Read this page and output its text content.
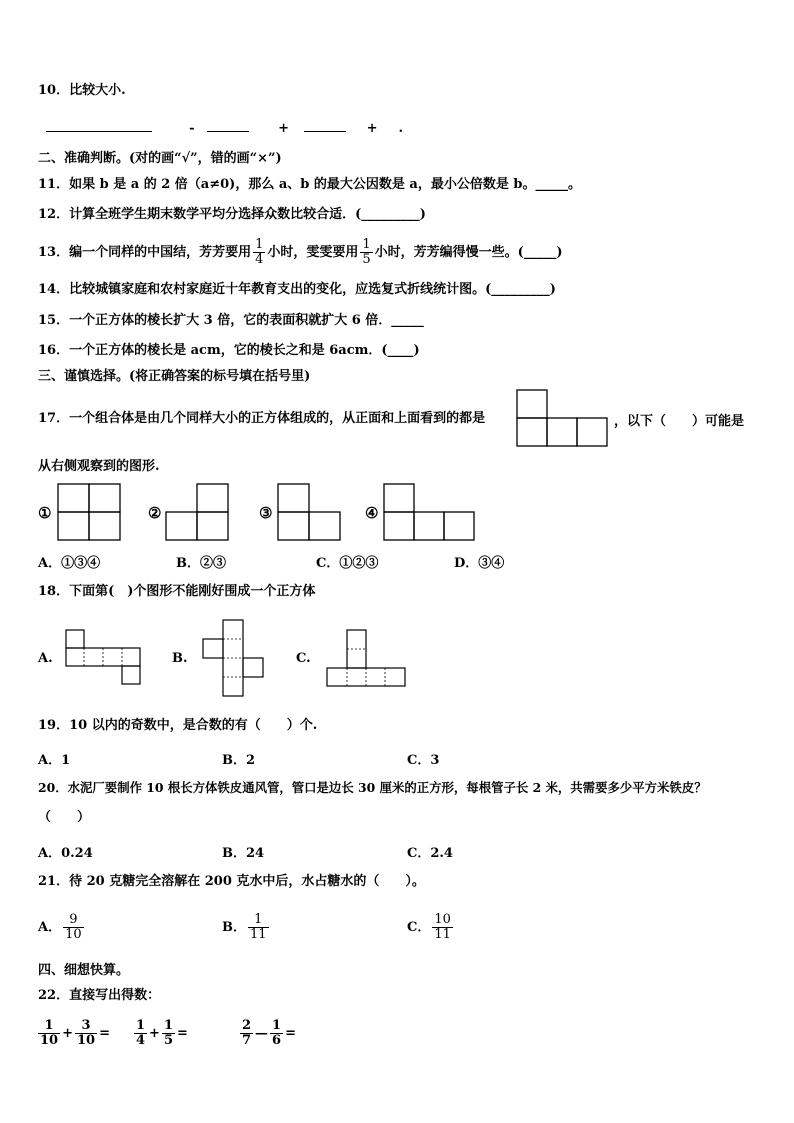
10．比较大小.
-	+	+ .
二、准确判断。(对的画“√”，错的画“×”)
11．如果 b 是 a 的 2 倍（a≠0)，那么 a、b 的最大公因数是 a，最小公倍数是 b。_____。
12．计算全班学生期末数学平均分选择众数比较合适．(_________)
13．编一个同样的中国结，芳芳要用 $\frac{1}{4}$ 小时，雯雯要用 $\frac{1}{5}$ 小时，芳芳编得慢一些。(_____)
14．比较城镇家庭和农村家庭近十年教育支出的变化，应选复式折线统计图。(_________)
15．一个正方体的棱长扩大 3 倍，它的表面积就扩大 6 倍．_____
16．一个正方体的棱长是 acm，它的棱长之和是 6acm．(____)
三、谨慎选择。(将正确答案的标号填在括号里)
17．一个组合体是由几个同样大小的正方体组成的，从正面和上面看到的都是	，以下（　　）可能是
从右侧观察到的图形.
①	②	③	④
A．①③④	B．②③	C．①②③	D．③④
18．下面第(　)个图形不能刚好围成一个正方体
A.	B.	C.
19．10 以内的奇数中，是合数的有（　　）个.
A．1	B．2	C．3
20．水泥厂要制作 10 根长方体铁皮通风管，管口是边长 30 厘米的正方形，每根管子长 2 米，共需要多少平方米铁皮？
（　　）
A．0.24	B．24	C．2.4
21．待 20 克糖完全溶解在 200 克水中后，水占糖水的（　　）。
A． $\frac{9}{10}$	B． $\frac{1}{11}$	C． $\frac{10}{11}$
四、细想快算。
22．直接写出得数：
$\frac{1}{10} + \frac{3}{10} = \frac{1}{4} + \frac{1}{5}$ =	$\frac{2}{7}$ — $\frac{1}{6}$ =
